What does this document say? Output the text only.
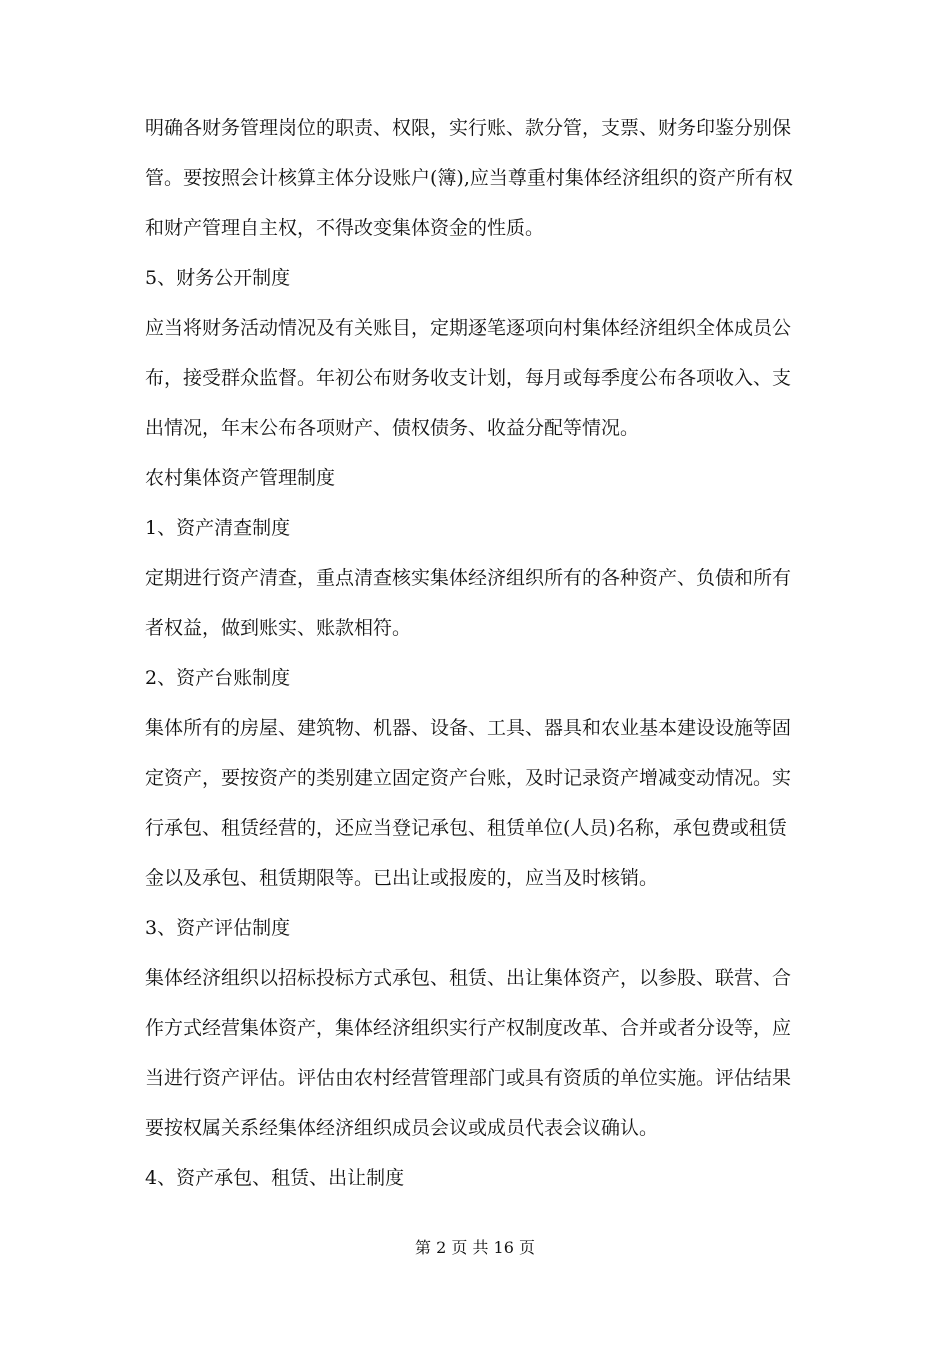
明确各财务管理岗位的职责、权限，实行账、款分管，支票、财务印鉴分别保
管。要按照会计核算主体分设账户(簿),应当尊重村集体经济组织的资产所有权
和财产管理自主权，不得改变集体资金的性质。
5、财务公开制度
应当将财务活动情况及有关账目，定期逐笔逐项向村集体经济组织全体成员公
布，接受群众监督。年初公布财务收支计划，每月或每季度公布各项收入、支
出情况，年末公布各项财产、债权债务、收益分配等情况。
农村集体资产管理制度
1、资产清查制度
定期进行资产清查，重点清查核实集体经济组织所有的各种资产、负债和所有
者权益，做到账实、账款相符。
2、资产台账制度
集体所有的房屋、建筑物、机器、设备、工具、器具和农业基本建设设施等固
定资产，要按资产的类别建立固定资产台账，及时记录资产增减变动情况。实
行承包、租赁经营的，还应当登记承包、租赁单位(人员)名称，承包费或租赁
金以及承包、租赁期限等。已出让或报废的，应当及时核销。
3、资产评估制度
集体经济组织以招标投标方式承包、租赁、出让集体资产，以参股、联营、合
作方式经营集体资产，集体经济组织实行产权制度改革、合并或者分设等，应
当进行资产评估。评估由农村经营管理部门或具有资质的单位实施。评估结果
要按权属关系经集体经济组织成员会议或成员代表会议确认。
4、资产承包、租赁、出让制度
第 2 页 共 16 页
